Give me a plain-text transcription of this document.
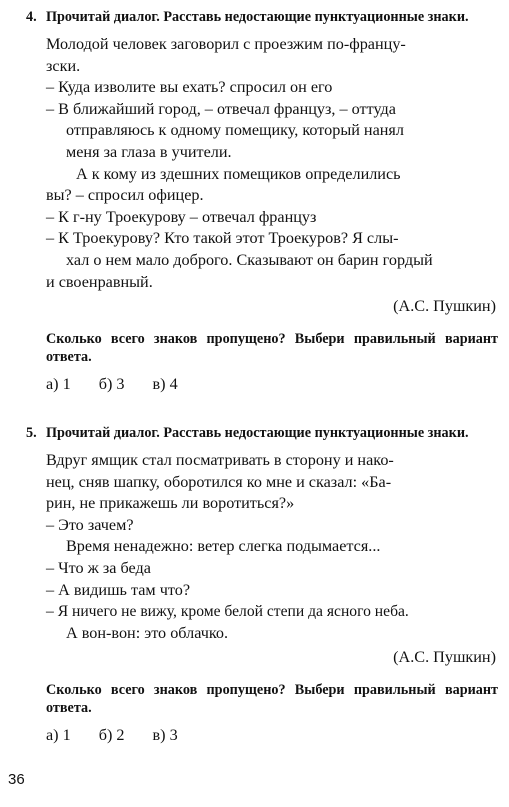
4. Прочитай диалог. Расставь недостающие пунктуационные знаки.
Молодой человек заговорил с проезжим по-францу-
зски.
– Куда изволите вы ехать? спросил он его
– В ближайший город, – отвечал француз, – оттуда
отправляюсь к одному помещику, который нанял
меня за глаза в учители.
А к кому из здешних помещиков определились
вы? – спросил офицер.
– К г-ну Троекурову – отвечал француз
– К Троекурову? Кто такой этот Троекуров? Я слы-
хал о нем мало доброго. Сказывают он барин гордый
и своенравный.
(А.С. Пушкин)
Сколько всего знаков пропущено? Выбери правильный вариант ответа.
а) 1 б) 3 в) 4
5. Прочитай диалог. Расставь недостающие пунктуационные знаки.
Вдруг ямщик стал посматривать в сторону и нако-
нец, сняв шапку, оборотился ко мне и сказал: «Ба-
рин, не прикажешь ли воротиться?»
– Это зачем?
Время ненадежно: ветер слегка подымается...
– Что ж за беда
– А видишь там что?
– Я ничего не вижу, кроме белой степи да ясного неба.
А вон-вон: это облачко.
(А.С. Пушкин)
Сколько всего знаков пропущено? Выбери правильный вариант ответа.
а) 1 б) 2 в) 3
36
